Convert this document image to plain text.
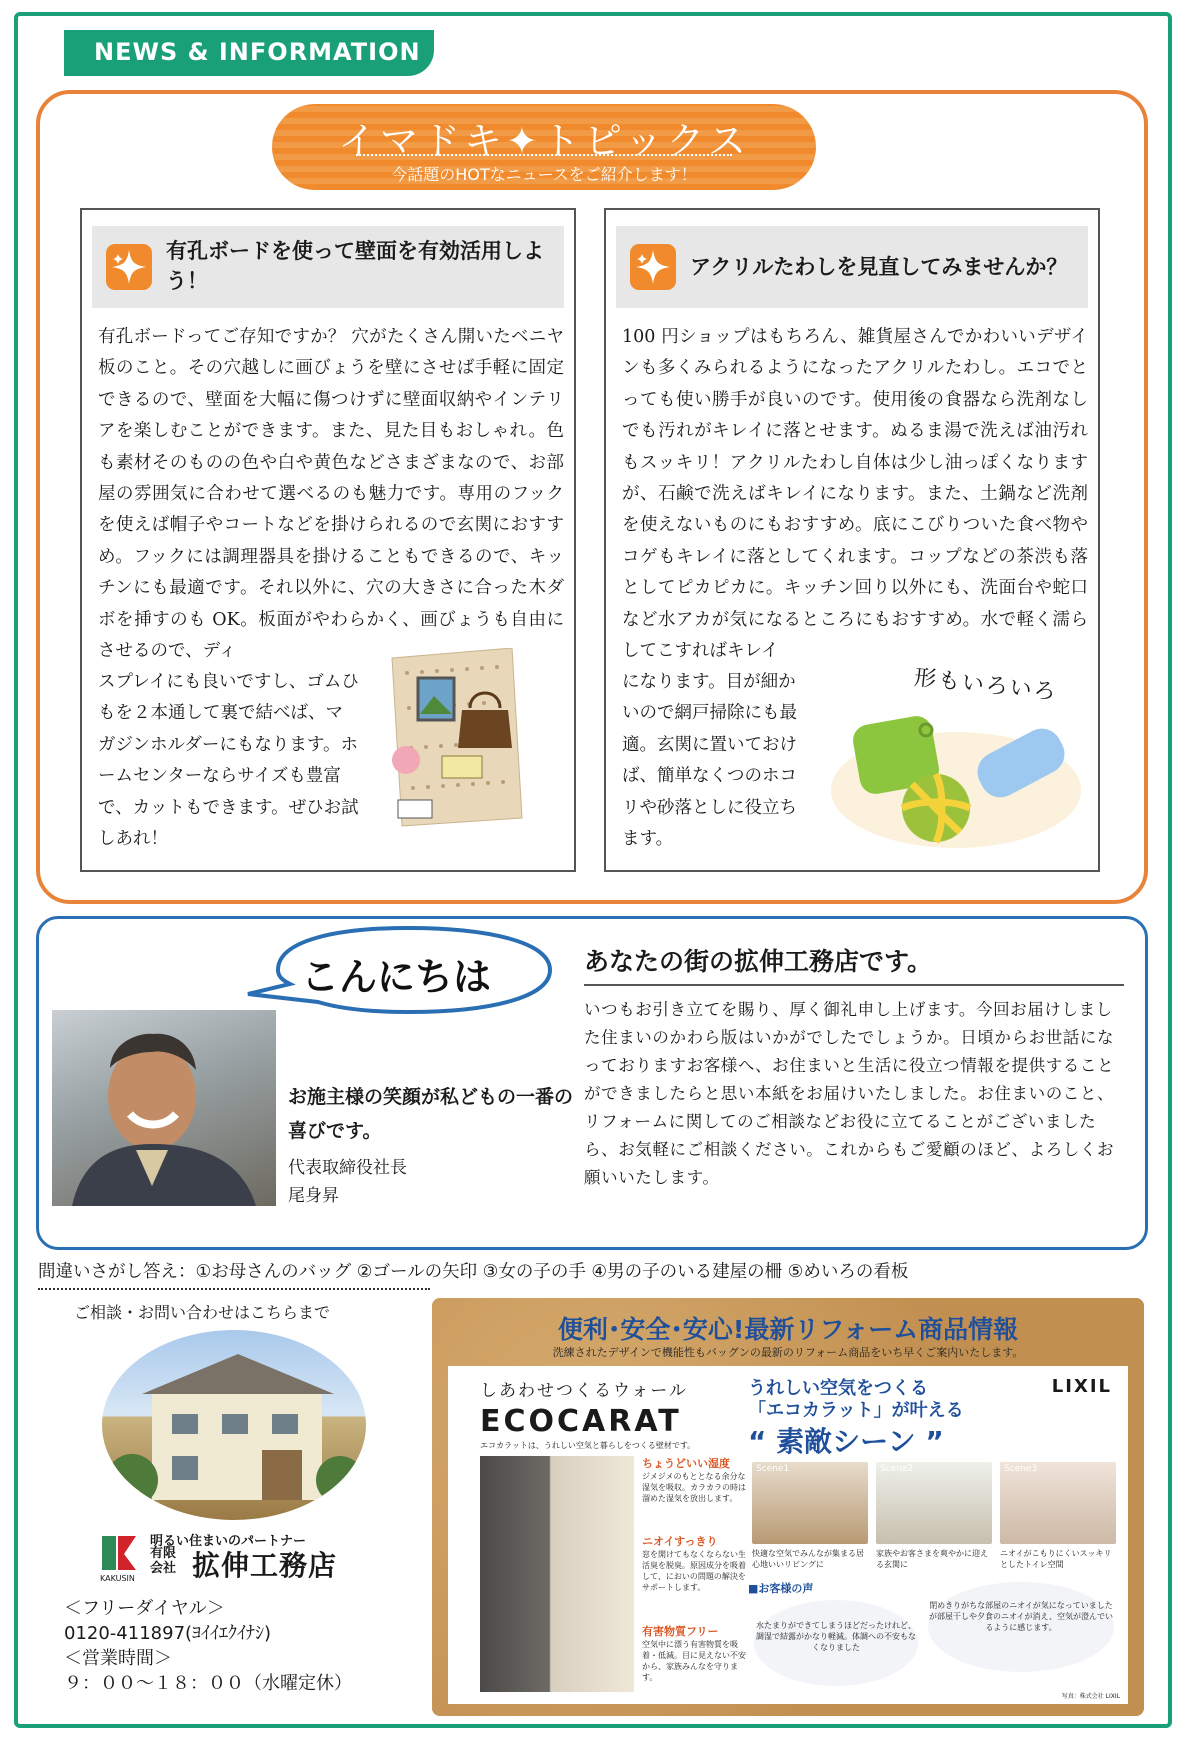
NEWS & INFORMATION
イマドキ✦トピックス
今話題のHOTなニュースをご紹介します！
有孔ボードを使って壁面を有効活用しよう！
有孔ボードってご存知ですか？ 穴がたくさん開いたベニヤ板のこと。その穴越しに画びょうを壁にさせば手軽に固定できるので、壁面を大幅に傷つけずに壁面収納やインテリアを楽しむことができます。また、見た目もおしゃれ。色も素材そのものの色や白や黄色などさまざまなので、お部屋の雰囲気に合わせて選べるのも魅力です。専用のフックを使えば帽子やコートなどを掛けられるので玄関におすすめ。フックには調理器具を掛けることもできるので、キッチンにも最適です。それ以外に、穴の大きさに合った木ダボを挿すのも OK。板面がやわらかく、画びょうも自由にさせるので、ディ
スプレイにも良いですし、ゴムひもを２本通して裏で結べば、マガジンホルダーにもなります。ホームセンターならサイズも豊富で、カットもできます。ぜひお試しあれ！
アクリルたわしを見直してみませんか？
100 円ショップはもちろん、雑貨屋さんでかわいいデザインも多くみられるようになったアクリルたわし。エコでとっても使い勝手が良いのです。使用後の食器なら洗剤なしでも汚れがキレイに落とせます。ぬるま湯で洗えば油汚れもスッキリ！アクリルたわし自体は少し油っぽくなりますが、石鹸で洗えばキレイになります。また、土鍋など洗剤を使えないものにもおすすめ。底にこびりついた食べ物やコゲもキレイに落としてくれます。コップなどの茶渋も落としてピカピカに。キッチン回り以外にも、洗面台や蛇口など水アカが気になるところにもおすすめ。水で軽く濡らしてこすればキレイ
になります。目が細かいので網戸掃除にも最適。玄関に置いておけば、簡単なくつのホコリや砂落としに役立ちます。
形もいろいろ
こんにちは
お施主様の笑顔が私どもの一番の喜びです。
代表取締役社長
尾身昇
あなたの街の拡伸工務店です。
いつもお引き立てを賜り、厚く御礼申し上げます。今回お届けしました住まいのかわら版はいかがでしたでしょうか。日頃からお世話になっておりますお客様へ、お住まいと生活に役立つ情報を提供することができましたらと思い本紙をお届けいたしました。お住まいのこと、リフォームに関してのご相談などお役に立てることがございましたら、お気軽にご相談ください。これからもご愛顧のほど、よろしくお願いいたします。
間違いさがし答え：①お母さんのバッグ ②ゴールの矢印 ③女の子の手 ④男の子のいる建屋の柵 ⑤めいろの看板
ご相談・お問い合わせはこちらまで
明るい住まいのパートナー
有限会社 拡伸工務店
KAKUSIN
＜フリーダイヤル＞
0120-411897(ﾖｲｲｴｸｲﾅｼ)
＜営業時間＞
９：００〜１８：００（水曜定休）
便利･安全･安心!最新リフォーム商品情報
洗練されたデザインで機能性もバッグンの最新のリフォーム商品をいち早くご案内いたします。
しあわせつくるウォール
ECOCARAT
エコカラットは、うれしい空気と暮らしをつくる壁材です。
LIXIL
うれしい空気をつくる
「エコカラット」が叶える
“ 素敵シーン ”
ちょうどいい湿度
ジメジメのもととなる余分な湿気を吸収。カラカラの時は溜めた湿気を放出します。
ニオイすっきり
窓を開けてもなくならない生活臭を脱臭。原因成分を吸着して、においの問題の解決をサポートします。
有害物質フリー
空気中に漂う有害物質を吸着・低減。目に見えない不安から、家族みんなを守ります。
Scene1	Scene2	Scene3
快適な空気でみんなが集まる居心地いいリビングに
家族やお客さまを爽やかに迎える玄関に
ニオイがこもりにくいスッキリとしたトイレ空間
■お客様の声
水たまりができてしまうほどだったけれど、調湿で結露がかなり軽減。体調への不安もなくなりました
閉めきりがちな部屋のニオイが気になっていましたが部屋干しや夕食のニオイが消え、空気が澄んでいるように感じます。
写真：株式会社 LIXIL
